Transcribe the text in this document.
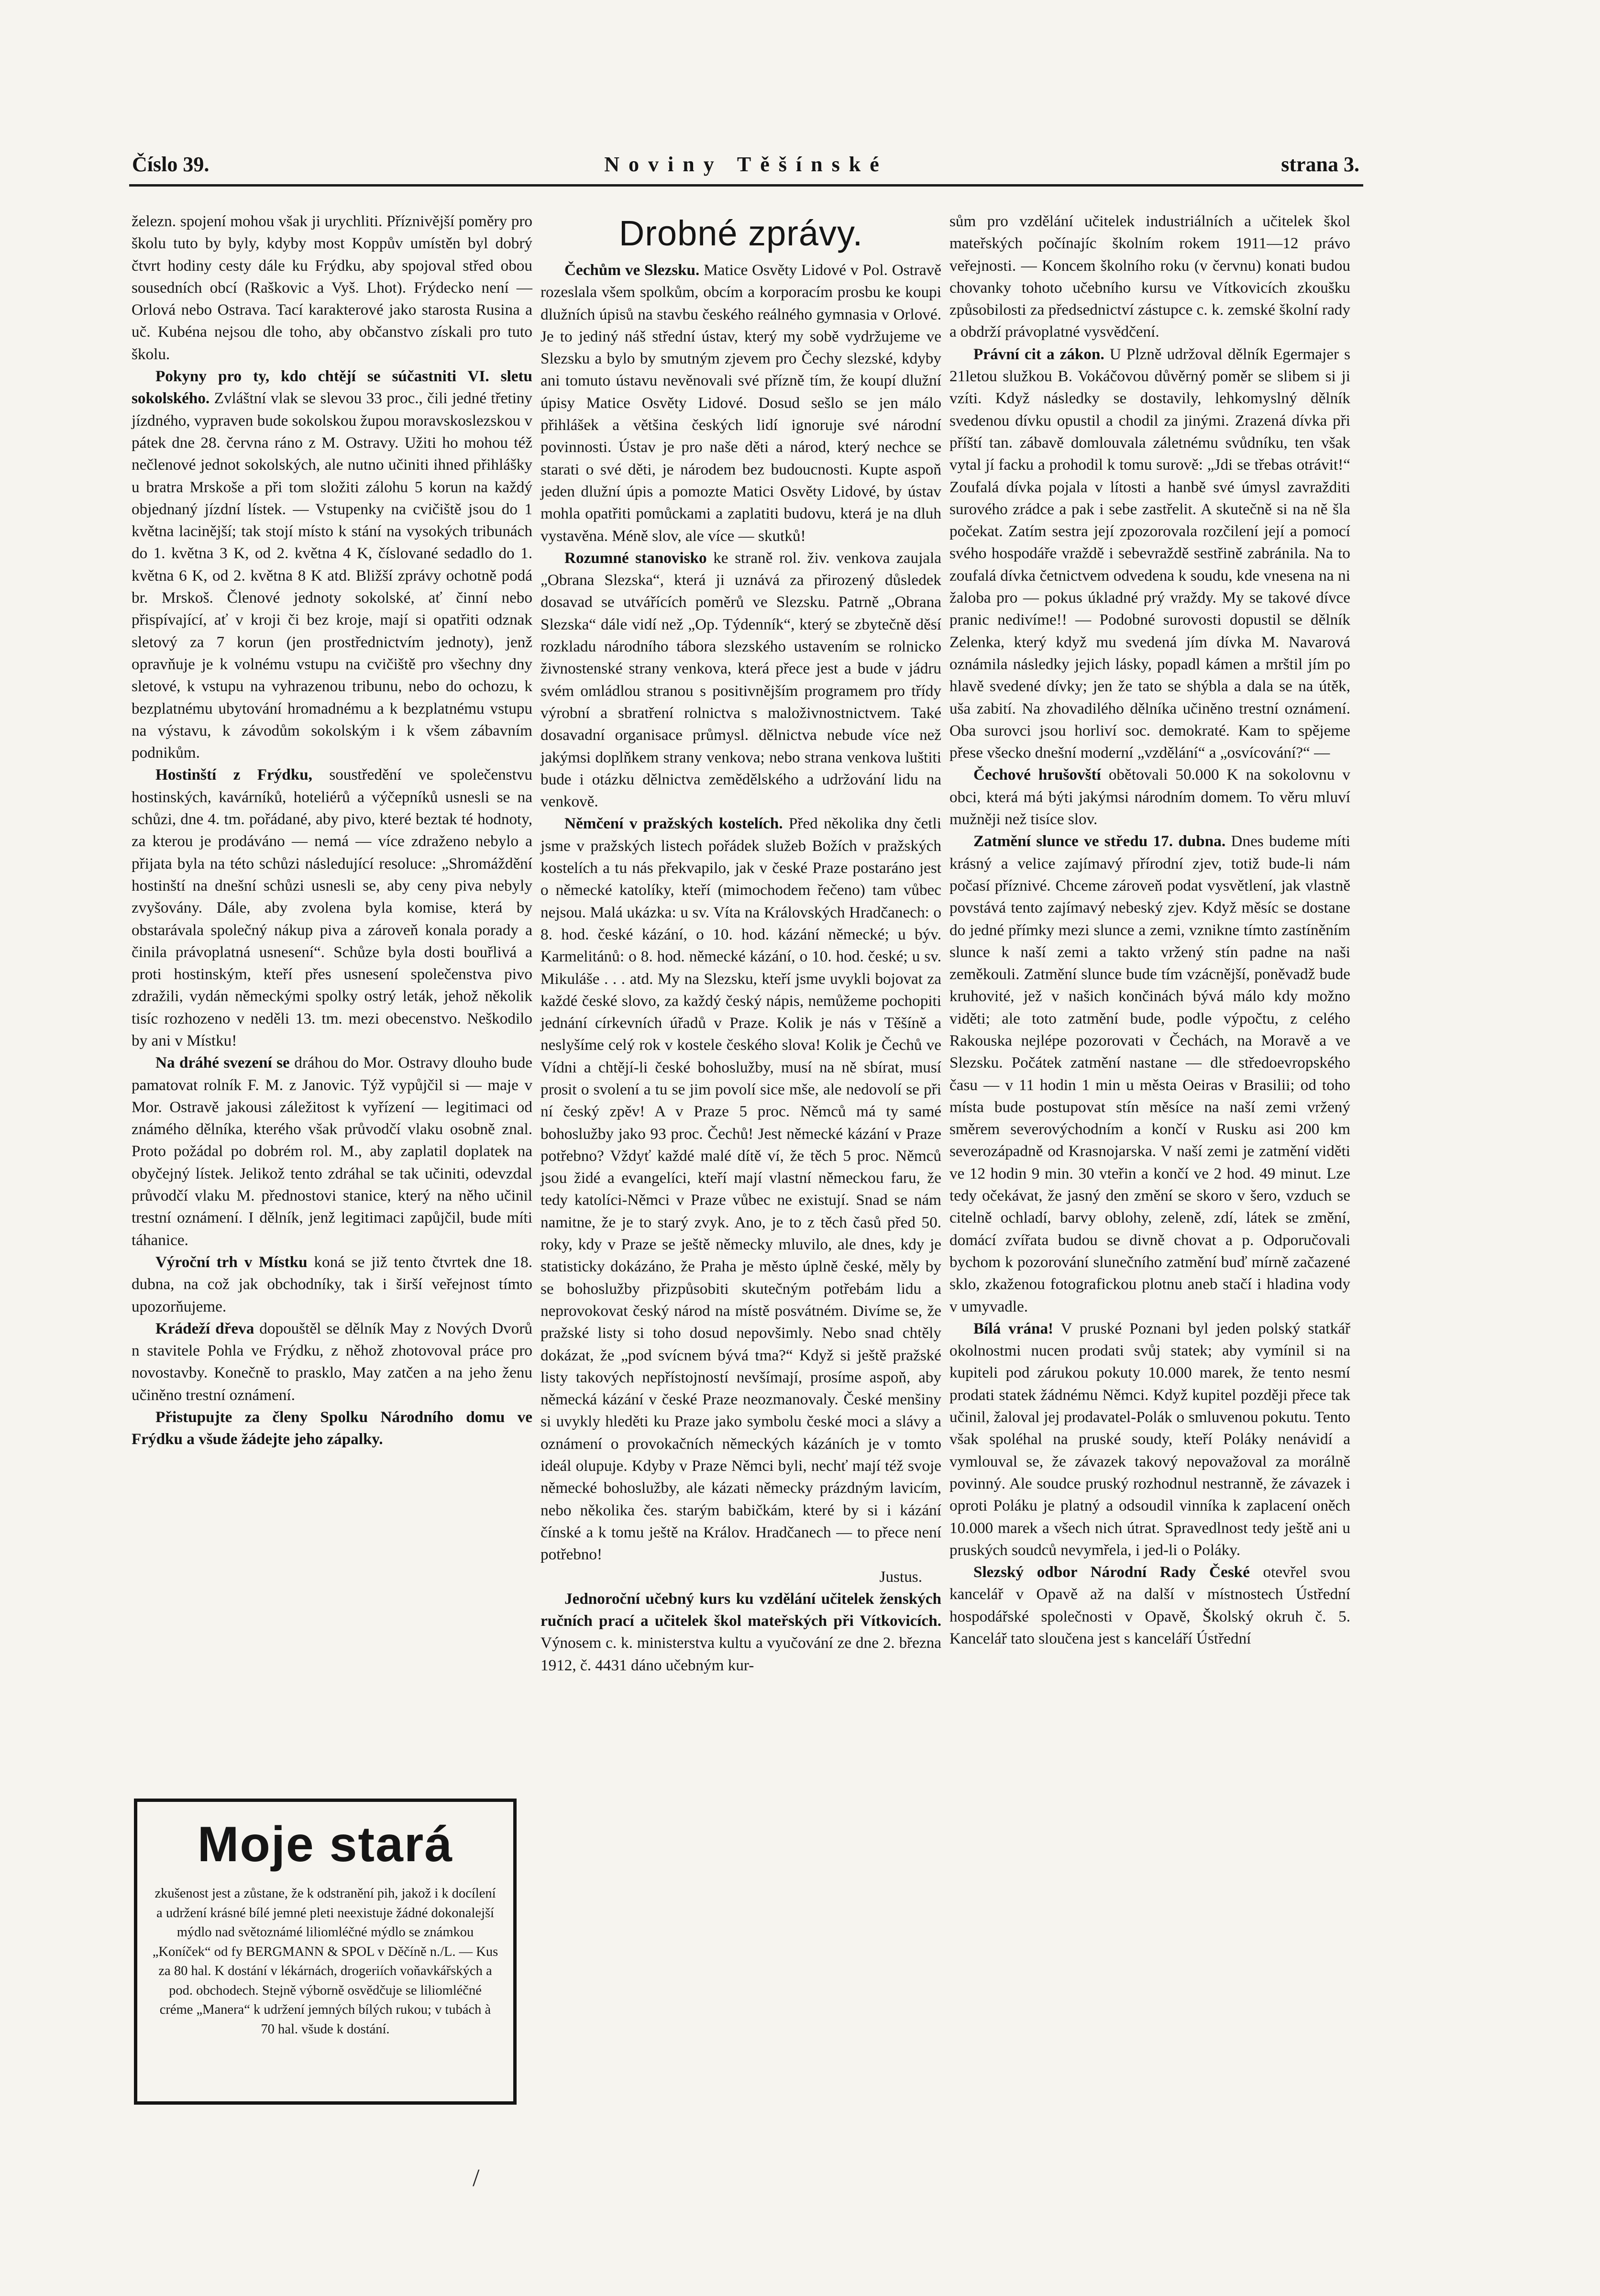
Číslo 39.	Noviny Těšínské	strana 3.

železn. spojení mohou však ji urychliti. Příznivější poměry pro školu tuto by byly, kdyby most Koppův umístěn byl dobrý čtvrt hodiny cesty dále ku Frýdku, aby spojoval střed obou sousedních obcí (Raškovic a Vyš. Lhot). Frýdecko není — Orlová nebo Ostrava. Tací karakterové jako starosta Rusina a uč. Kubéna nejsou dle toho, aby občanstvo získali pro tuto školu.

Pokyny pro ty, kdo chtějí se súčastniti VI. sletu sokolského. Zvláštní vlak se slevou 33 proc., čili jedné třetiny jízdného, vypraven bude sokolskou župou moravskoslezskou v pátek dne 28. června ráno z M. Ostravy. Užiti ho mohou též nečlenové jednot sokolských, ale nutno učiniti ihned přihlášky u bratra Mrskoše a při tom složiti zálohu 5 korun na každý objednaný jízdní lístek. — Vstupenky na cvičiště jsou do 1 května lacinější; tak stojí místo k stání na vysokých tribunách do 1. května 3 K, od 2. května 4 K, číslované sedadlo do 1. května 6 K, od 2. května 8 K atd. Bližší zprávy ochotně podá br. Mrskoš. Členové jednoty sokolské, ať činní nebo přispívající, ať v kroji či bez kroje, mají si opatřiti odznak sletový za 7 korun (jen prostřednictvím jednoty), jenž opravňuje je k volnému vstupu na cvičiště pro všechny dny sletové, k vstupu na vyhrazenou tribunu, nebo do ochozu, k bezplatnému ubytování hromadnému a k bezplatnému vstupu na výstavu, k závodům sokolským i k všem zábavním podnikům.

Hostinští z Frýdku, soustředění ve společenstvu hostinských, kavárníků, hoteliérů a výčepníků usnesli se na schůzi, dne 4. tm. pořádané, aby pivo, které beztak té hodnoty, za kterou je prodáváno — nemá — více zdraženo nebylo a přijata byla na této schůzi následující resoluce: „Shromáždění hostinští na dnešní schůzi usnesli se, aby ceny piva nebyly zvyšovány. Dále, aby zvolena byla komise, která by obstarávala společný nákup piva a zároveň konala porady a činila právoplatná usnesení“. Schůze byla dosti bouřlivá a proti hostinským, kteří přes usnesení společenstva pivo zdražili, vydán německými spolky ostrý leták, jehož několik tisíc rozhozeno v neděli 13. tm. mezi obecenstvo. Neškodilo by ani v Místku!

Na dráhé svezení se dráhou do Mor. Ostravy dlouho bude pamatovat rolník F. M. z Janovic. Týž vypůjčil si — maje v Mor. Ostravě jakousi záležitost k vyřízení — legitimaci od známého dělníka, kterého však průvodčí vlaku osobně znal. Proto požádal po dobrém rol. M., aby zaplatil doplatek na obyčejný lístek. Jelikož tento zdráhal se tak učiniti, odevzdal průvodčí vlaku M. přednostovi stanice, který na něho učinil trestní oznámení. I dělník, jenž legitimaci zapůjčil, bude míti táhanice.

Výroční trh v Místku koná se již tento čtvrtek dne 18. dubna, na což jak obchodníky, tak i širší veřejnost tímto upozorňujeme.

Krádeží dřeva dopouštěl se dělník May z Nových Dvorů n stavitele Pohla ve Frýdku, z něhož zhotovoval práce pro novostavby. Konečně to prasklo, May zatčen a na jeho ženu učiněno trestní oznámení.

Přistupujte za členy Spolku Národního domu ve Frýdku a všude žádejte jeho zápalky.

Moje stará
zkušenost jest a zůstane, že k odstranění pih, jakož i k docílení a udržení krásné bílé jemné pleti neexistuje žádné dokonalejší mýdlo nad světoznámé liliomléčné mýdlo se známkou „Koníček“ od fy BERGMANN & SPOL v Děčíně n./L. — Kus za 80 hal. K dostání v lékárnách, drogeriích voňavkářských a pod. obchodech. Stejně výborně osvědčuje se liliomléčné créme „Manera“ k udržení jemných bílých rukou; v tubách à 70 hal. všude k dostání.
Drobné zprávy.

Čechům ve Slezsku. Matice Osvěty Lidové v Pol. Ostravě rozeslala všem spolkům, obcím a korporacím prosbu ke koupi dlužních úpisů na stavbu českého reálného gymnasia v Orlové. Je to jediný náš střední ústav, který my sobě vydržujeme ve Slezsku a bylo by smutným zjevem pro Čechy slezské, kdyby ani tomuto ústavu nevěnovali své přízně tím, že koupí dlužní úpisy Matice Osvěty Lidové. Dosud sešlo se jen málo přihlášek a většina českých lidí ignoruje své národní povinnosti. Ústav je pro naše děti a národ, který nechce se starati o své děti, je národem bez budoucnosti. Kupte aspoň jeden dlužní úpis a pomozte Matici Osvěty Lidové, by ústav mohla opatřiti pomůckami a zaplatiti budovu, která je na dluh vystavěna. Méně slov, ale více — skutků!

Rozumné stanovisko ke straně rol. živ. venkova zaujala „Obrana Slezska“, která ji uznává za přirozený důsledek dosavad se utvářících poměrů ve Slezsku. Patrně „Obrana Slezska“ dále vidí než „Op. Týdenník“, který se zbytečně děsí rozkladu národního tábora slezského ustavením se rolnicko živnostenské strany venkova, která přece jest a bude v jádru svém omládlou stranou s positivnějším programem pro třídy výrobní a sbratření rolnictva s maloživnostnictvem. Také dosavadní organisace průmysl. dělnictva nebude více než jakýmsi doplňkem strany venkova; nebo strana venkova luštiti bude i otázku dělnictva zemědělského a udržování lidu na venkově.

Němčení v pražských kostelích. Před několika dny četli jsme v pražských listech pořádek služeb Božích v pražských kostelích a tu nás překvapilo, jak v české Praze postaráno jest o německé katolíky, kteří (mimochodem řečeno) tam vůbec nejsou. Malá ukázka: u sv. Víta na Královských Hradčanech: o 8. hod. české kázání, o 10. hod. kázání německé; u býv. Karmelitánů: o 8. hod. německé kázání, o 10. hod. české; u sv. Mikuláše . . . atd. My na Slezsku, kteří jsme uvykli bojovat za každé české slovo, za každý český nápis, nemůžeme pochopiti jednání církevních úřadů v Praze. Kolik je nás v Těšíně a neslyšíme celý rok v kostele českého slova! Kolik je Čechů ve Vídni a chtějí-li české bohoslužby, musí na ně sbírat, musí prosit o svolení a tu se jim povolí sice mše, ale nedovolí se při ní český zpěv! A v Praze 5 proc. Němců má ty samé bohoslužby jako 93 proc. Čechů! Jest německé kázání v Praze potřebno? Vždyť každé malé dítě ví, že těch 5 proc. Němců jsou židé a evangelíci, kteří mají vlastní německou faru, že tedy katolíci-Němci v Praze vůbec ne existují. Snad se nám namitne, že je to starý zvyk. Ano, je to z těch časů před 50. roky, kdy v Praze se ještě německy mluvilo, ale dnes, kdy je statisticky dokázáno, že Praha je město úplně české, měly by se bohoslužby přizpůsobiti skutečným potřebám lidu a neprovokovat český národ na místě posvátném. Divíme se, že pražské listy si toho dosud nepovšimly. Nebo snad chtěly dokázat, že „pod svícnem bývá tma?“ Když si ještě pražské listy takových nepřístojností nevšímají, prosíme aspoň, aby německá kázání v české Praze neozmanovaly. České menšiny si uvykly hleděti ku Praze jako symbolu české moci a slávy a oznámení o provokačních německých kázáních je v tomto ideál olupuje. Kdyby v Praze Němci byli, nechť mají též svoje německé bohoslužby, ale kázati německy prázdným lavicím, nebo několika čes. starým babičkám, které by si i kázání čínské a k tomu ještě na Králov. Hradčanech — to přece není potřebno!

Justus.

Jednoroční učebný kurs ku vzdělání učitelek ženských ručních prací a učitelek škol mateřských při Vítkovicích. Výnosem c. k. ministerstva kultu a vyučování ze dne 2. března 1912, č. 4431 dáno učebným kur-

sům pro vzdělání učitelek industriálních a učitelek škol mateřských počínajíc školním rokem 1911—12 právo veřejnosti. — Koncem školního roku (v červnu) konati budou chovanky tohoto učebního kursu ve Vítkovicích zkoušku způsobilosti za předsednictví zástupce c. k. zemské školní rady a obdrží právoplatné vysvědčení.

Právní cit a zákon. U Plzně udržoval dělník Egermajer s 21letou služkou B. Vokáčovou důvěrný poměr se slibem si ji vzíti. Když následky se dostavily, lehkomyslný dělník svedenou dívku opustil a chodil za jinými. Zrazená dívka při příští tan. zábavě domlouvala záletnému svůdníku, ten však vytal jí facku a prohodil k tomu surově: „Jdi se třebas otrávit!“ Zoufalá dívka pojala v lítosti a hanbě své úmysl zavražditi surového zrádce a pak i sebe zastřelit. A skutečně si na ně šla počekat. Zatím sestra její zpozorovala rozčilení její a pomocí svého hospodáře vraždě i sebevraždě sestřině zabránila. Na to zoufalá dívka četnictvem odvedena k soudu, kde vnesena na ni žaloba pro — pokus úkladné prý vraždy. My se takové dívce pranic nedivíme!! — Podobné surovosti dopustil se dělník Zelenka, který když mu svedená jím dívka M. Navarová oznámila následky jejich lásky, popadl kámen a mrštil jím po hlavě svedené dívky; jen že tato se shýbla a dala se na útěk, uša zabití. Na zhovadilého dělníka učiněno trestní oznámení. Oba surovci jsou horliví soc. demokraté. Kam to spějeme přese všecko dnešní moderní „vzdělání“ a „osvícování?“ —

Čechové hrušovští obětovali 50.000 K na sokolovnu v obci, která má býti jakýmsi národním domem. To věru mluví mužněji než tisíce slov.

Zatmění slunce ve středu 17. dubna. Dnes budeme míti krásný a velice zajímavý přírodní zjev, totiž bude-li nám počasí příznivé. Chceme zároveň podat vysvětlení, jak vlastně povstává tento zajímavý nebeský zjev. Když měsíc se dostane do jedné přímky mezi slunce a zemi, vznikne tímto zastíněním slunce k naší zemi a takto vržený stín padne na naši zeměkouli. Zatmění slunce bude tím vzácnější, poněvadž bude kruhovité, jež v našich končinách bývá málo kdy možno viděti; ale toto zatmění bude, podle výpočtu, z celého Rakouska nejlépe pozorovati v Čechách, na Moravě a ve Slezsku. Počátek zatmění nastane — dle středoevropského času — v 11 hodin 1 min u města Oeiras v Brasilii; od toho místa bude postupovat stín měsíce na naší zemi vržený směrem severovýchodním a končí v Rusku asi 200 km severozápadně od Krasnojarska. V naší zemi je zatmění viděti ve 12 hodin 9 min. 30 vteřin a končí ve 2 hod. 49 minut. Lze tedy očekávat, že jasný den změní se skoro v šero, vzduch se citelně ochladí, barvy oblohy, zeleně, zdí, látek se změní, domácí zvířata budou se divně chovat a p. Odporučovali bychom k pozorování slunečního zatmění buď mírně začazené sklo, zkaženou fotografickou plotnu aneb stačí i hladina vody v umyvadle.

Bílá vrána! V pruské Poznani byl jeden polský statkář okolnostmi nucen prodati svůj statek; aby vymínil si na kupiteli pod zárukou pokuty 10.000 marek, že tento nesmí prodati statek žádnému Němci. Když kupitel později přece tak učinil, žaloval jej prodavatel-Polák o smluvenou pokutu. Tento však spoléhal na pruské soudy, kteří Poláky nenávidí a vymlouval se, že závazek takový nepovažoval za morálně povinný. Ale soudce pruský rozhodnul nestranně, že závazek i oproti Poláku je platný a odsoudil vinníka k zaplacení oněch 10.000 marek a všech nich útrat. Spravedlnost tedy ještě ani u pruských soudců nevymřela, i jed-li o Poláky.

Slezský odbor Národní Rady České otevřel svou kancelář v Opavě až na další v místnostech Ústřední hospodářské společnosti v Opavě, Školský okruh č. 5. Kancelář tato sloučena jest s kanceláří Ústřední

/
